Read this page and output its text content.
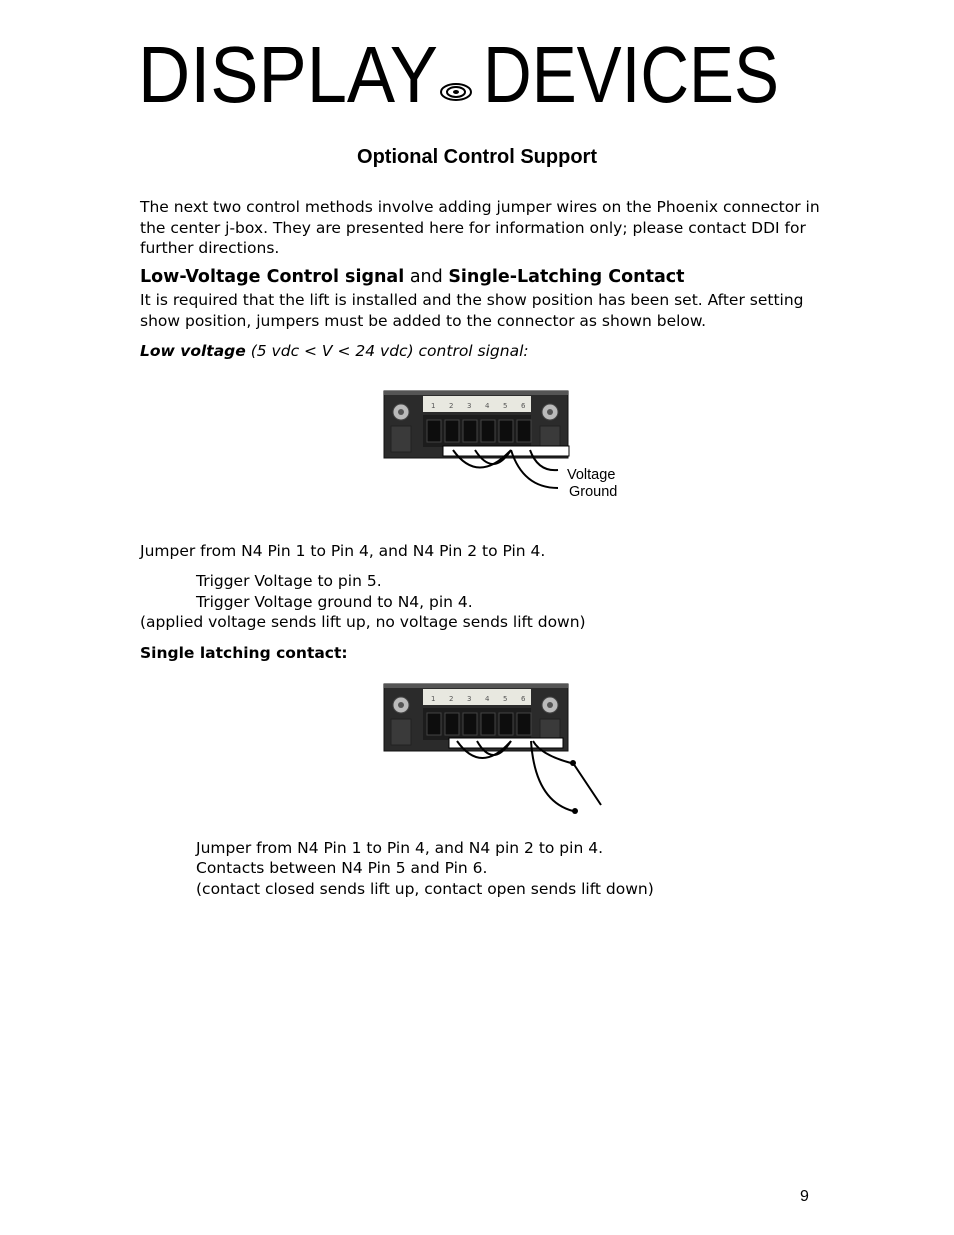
DISPLAY DEVICES
Optional Control Support
The next two control methods involve adding jumper wires on the Phoenix connector in
the center j-box. They are presented here for information only; please contact DDI for
further directions.
Low-Voltage Control signal and Single-Latching Contact
It is required that the lift is installed and the show position has been set. After setting
show position, jumpers must be added to the connector as shown below.
Low voltage (5 vdc < V < 24 vdc) control signal:
1 2 3 4 5 6
Voltage
Ground
Jumper from N4 Pin 1 to Pin 4, and N4 Pin 2 to Pin 4.
Trigger Voltage to pin 5.
Trigger Voltage ground to N4, pin 4.
(applied voltage sends lift up, no voltage sends lift down)
Single latching contact:
1 2 3 4 5 6
Jumper from N4 Pin 1 to Pin 4, and N4 pin 2 to pin 4.
Contacts between N4 Pin 5 and Pin 6.
(contact closed sends lift up, contact open sends lift down)
9
